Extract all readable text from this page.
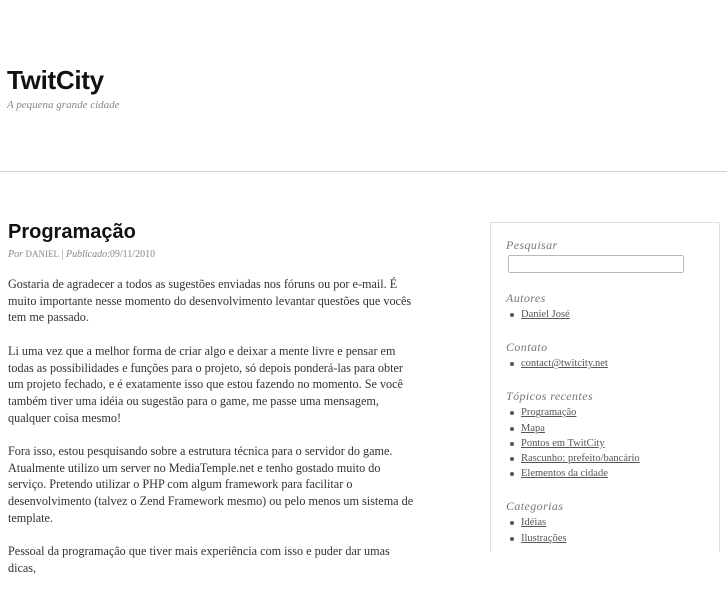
TwitCity
A pequena grande cidade
Programação
Por DANIEL | Publicado:09/11/2010

Gostaria de agradecer a todos as sugestões enviadas nos fóruns ou por e-mail. É muito importante nesse momento do desenvolvimento levantar questões que vocês tem me passado.

Li uma vez que a melhor forma de criar algo e deixar a mente livre e pensar em todas as possibilidades e funções para o projeto, só depois ponderá-las para obter um projeto fechado, e é exatamente isso que estou fazendo no momento. Se você também tiver uma idéia ou sugestão para o game, me passe uma mensagem, qualquer coisa mesmo!

Fora isso, estou pesquisando sobre a estrutura técnica para o servidor do game. Atualmente utilizo um server no MediaTemple.net e tenho gostado muito do serviço. Pretendo utilizar o PHP com algum framework para facilitar o desenvolvimento (talvez o Zend Framework mesmo) ou pelo menos um sistema de template.

Pessoal da programação que tiver mais experiência com isso e puder dar umas dicas,

Pesquisar
Autores
Daniel José
Contato
contact@twitcity.net
Tópicos recentes
Programação
Mapa
Pontos em TwitCity
Rascunho: prefeito/bancário
Elementos da cidade
Categorias
Idéias
Ilustrações
